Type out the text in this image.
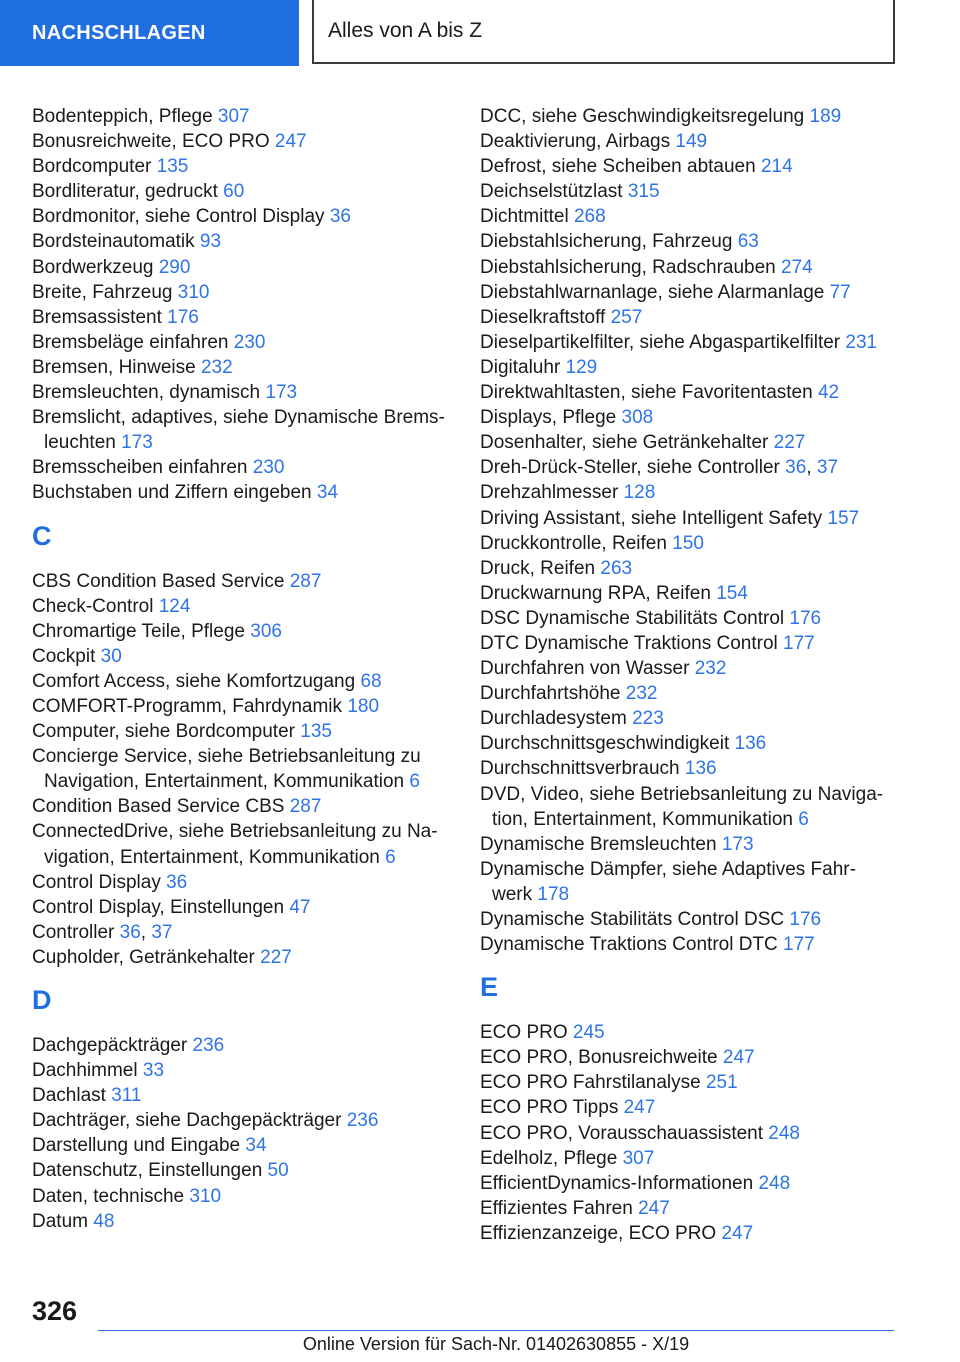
NACHSCHLAGEN	Alles von A bis Z
Bodenteppich, Pflege 307
Bonusreichweite, ECO PRO 247
Bordcomputer 135
Bordliteratur, gedruckt 60
Bordmonitor, siehe Control Display 36
Bordsteinautomatik 93
Bordwerkzeug 290
Breite, Fahrzeug 310
Bremsassistent 176
Bremsbeläge einfahren 230
Bremsen, Hinweise 232
Bremsleuchten, dynamisch 173
Bremslicht, adaptives, siehe Dynamische Brems-
leuchten 173
Bremsscheiben einfahren 230
Buchstaben und Ziffern eingeben 34
C
CBS Condition Based Service 287
Check-Control 124
Chromartige Teile, Pflege 306
Cockpit 30
Comfort Access, siehe Komfortzugang 68
COMFORT-Programm, Fahrdynamik 180
Computer, siehe Bordcomputer 135
Concierge Service, siehe Betriebsanleitung zu
Navigation, Entertainment, Kommunikation 6
Condition Based Service CBS 287
ConnectedDrive, siehe Betriebsanleitung zu Na-
vigation, Entertainment, Kommunikation 6
Control Display 36
Control Display, Einstellungen 47
Controller 36, 37
Cupholder, Getränkehalter 227
D
Dachgepäckträger 236
Dachhimmel 33
Dachlast 311
Dachträger, siehe Dachgepäckträger 236
Darstellung und Eingabe 34
Datenschutz, Einstellungen 50
Daten, technische 310
Datum 48
DCC, siehe Geschwindigkeitsregelung 189
Deaktivierung, Airbags 149
Defrost, siehe Scheiben abtauen 214
Deichselstützlast 315
Dichtmittel 268
Diebstahlsicherung, Fahrzeug 63
Diebstahlsicherung, Radschrauben 274
Diebstahlwarnanlage, siehe Alarmanlage 77
Dieselkraftstoff 257
Dieselpartikelfilter, siehe Abgaspartikelfilter 231
Digitaluhr 129
Direktwahltasten, siehe Favoritentasten 42
Displays, Pflege 308
Dosenhalter, siehe Getränkehalter 227
Dreh-Drück-Steller, siehe Controller 36, 37
Drehzahlmesser 128
Driving Assistant, siehe Intelligent Safety 157
Druckkontrolle, Reifen 150
Druck, Reifen 263
Druckwarnung RPA, Reifen 154
DSC Dynamische Stabilitäts Control 176
DTC Dynamische Traktions Control 177
Durchfahren von Wasser 232
Durchfahrtshöhe 232
Durchladesystem 223
Durchschnittsgeschwindigkeit 136
Durchschnittsverbrauch 136
DVD, Video, siehe Betriebsanleitung zu Naviga-
tion, Entertainment, Kommunikation 6
Dynamische Bremsleuchten 173
Dynamische Dämpfer, siehe Adaptives Fahr-
werk 178
Dynamische Stabilitäts Control DSC 176
Dynamische Traktions Control DTC 177
E
ECO PRO 245
ECO PRO, Bonusreichweite 247
ECO PRO Fahrstilanalyse 251
ECO PRO Tipps 247
ECO PRO, Vorausschauassistent 248
Edelholz, Pflege 307
EfficientDynamics-Informationen 248
Effizientes Fahren 247
Effizienzanzeige, ECO PRO 247
326
Online Version für Sach-Nr. 01402630855 - X/19
